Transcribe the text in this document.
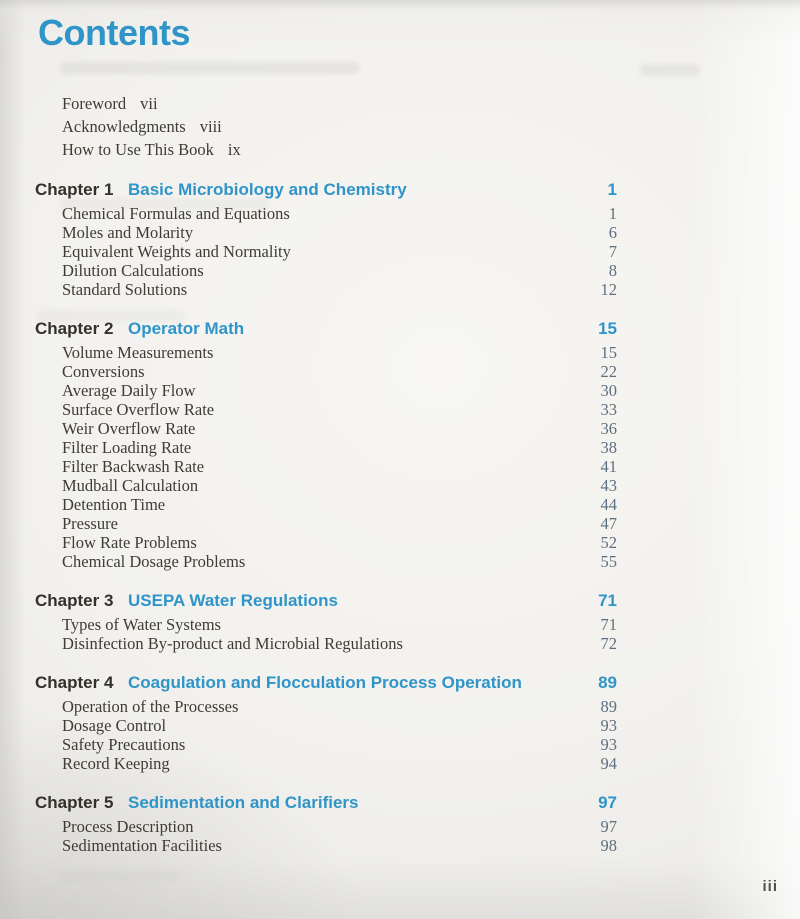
Contents
Foreword vii
Acknowledgments viii
How to Use This Book ix
Chapter 1 Basic Microbiology and Chemistry	1
Chemical Formulas and Equations	1
Moles and Molarity	6
Equivalent Weights and Normality	7
Dilution Calculations	8
Standard Solutions	12
Chapter 2 Operator Math	15
Volume Measurements	15
Conversions	22
Average Daily Flow	30
Surface Overflow Rate	33
Weir Overflow Rate	36
Filter Loading Rate	38
Filter Backwash Rate	41
Mudball Calculation	43
Detention Time	44
Pressure	47
Flow Rate Problems	52
Chemical Dosage Problems	55
Chapter 3 USEPA Water Regulations	71
Types of Water Systems	71
Disinfection By-product and Microbial Regulations	72
Chapter 4 Coagulation and Flocculation Process Operation	89
Operation of the Processes	89
Dosage Control	93
Safety Precautions	93
Record Keeping	94
Chapter 5 Sedimentation and Clarifiers	97
Process Description	97
Sedimentation Facilities	98
iii
